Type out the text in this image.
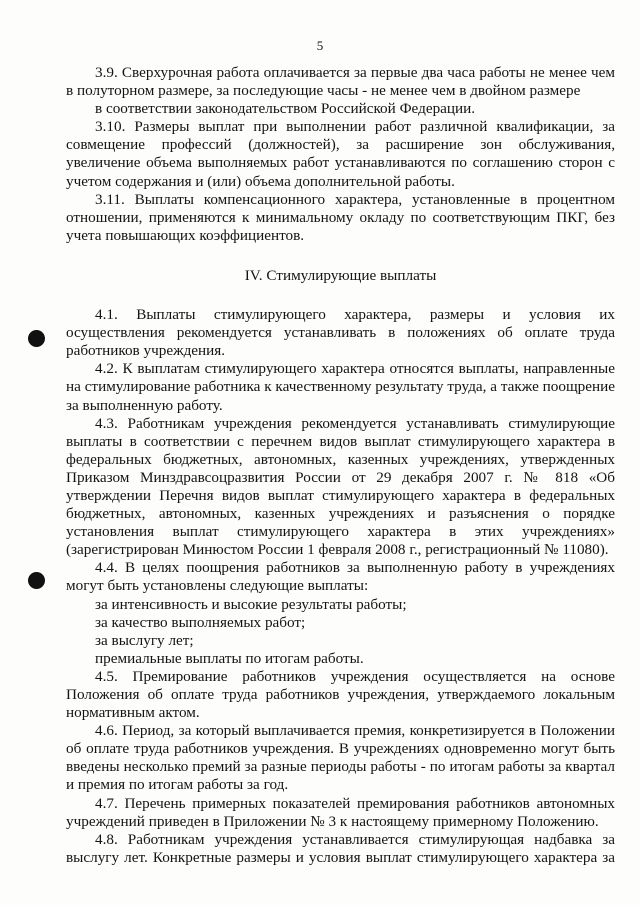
5

3.9. Сверхурочная работа оплачивается за первые два часа работы не менее чем в полуторном размере, за последующие часы - не менее чем в двойном размере

в соответствии законодательством Российской Федерации.

3.10. Размеры выплат при выполнении работ различной квалификации, за совмещение профессий (должностей), за расширение зон обслуживания, увеличение объема выполняемых работ устанавливаются по соглашению сторон с учетом содержания и (или) объема дополнительной работы.

3.11. Выплаты компенсационного характера, установленные в процентном отношении, применяются к минимальному окладу по соответствующим ПКГ, без учета повышающих коэффициентов.

IV. Стимулирующие выплаты

4.1. Выплаты стимулирующего характера, размеры и условия их осуществления рекомендуется устанавливать в положениях об оплате труда работников учреждения.

4.2. К выплатам стимулирующего характера относятся выплаты, направленные на стимулирование работника к качественному результату труда, а также поощрение за выполненную работу.

4.3. Работникам учреждения рекомендуется устанавливать стимулирующие выплаты в соответствии с перечнем видов выплат стимулирующего характера в федеральных бюджетных, автономных, казенных учреждениях, утвержденных Приказом Минздравсоцразвития России от 29 декабря 2007 г. № 818 «Об утверждении Перечня видов выплат стимулирующего характера в федеральных бюджетных, автономных, казенных учреждениях и разъяснения о порядке установления выплат стимулирующего характера в этих учреждениях» (зарегистрирован Минюстом России 1 февраля 2008 г., регистрационный № 11080).

4.4. В целях поощрения работников за выполненную работу в учреждениях могут быть установлены следующие выплаты:

за интенсивность и высокие результаты работы;

за качество выполняемых работ;

за выслугу лет;

премиальные выплаты по итогам работы.

4.5. Премирование работников учреждения осуществляется на основе Положения об оплате труда работников учреждения, утверждаемого локальным нормативным актом.

4.6. Период, за который выплачивается премия, конкретизируется в Положении об оплате труда работников учреждения. В учреждениях одновременно могут быть введены несколько премий за разные периоды работы - по итогам работы за квартал и премия по итогам работы за год.

4.7. Перечень примерных показателей премирования работников автономных учреждений приведен в Приложении № 3 к настоящему примерному Положению.

4.8. Работникам учреждения устанавливается стимулирующая надбавка за выслугу лет. Конкретные размеры и условия выплат стимулирующего характера за
